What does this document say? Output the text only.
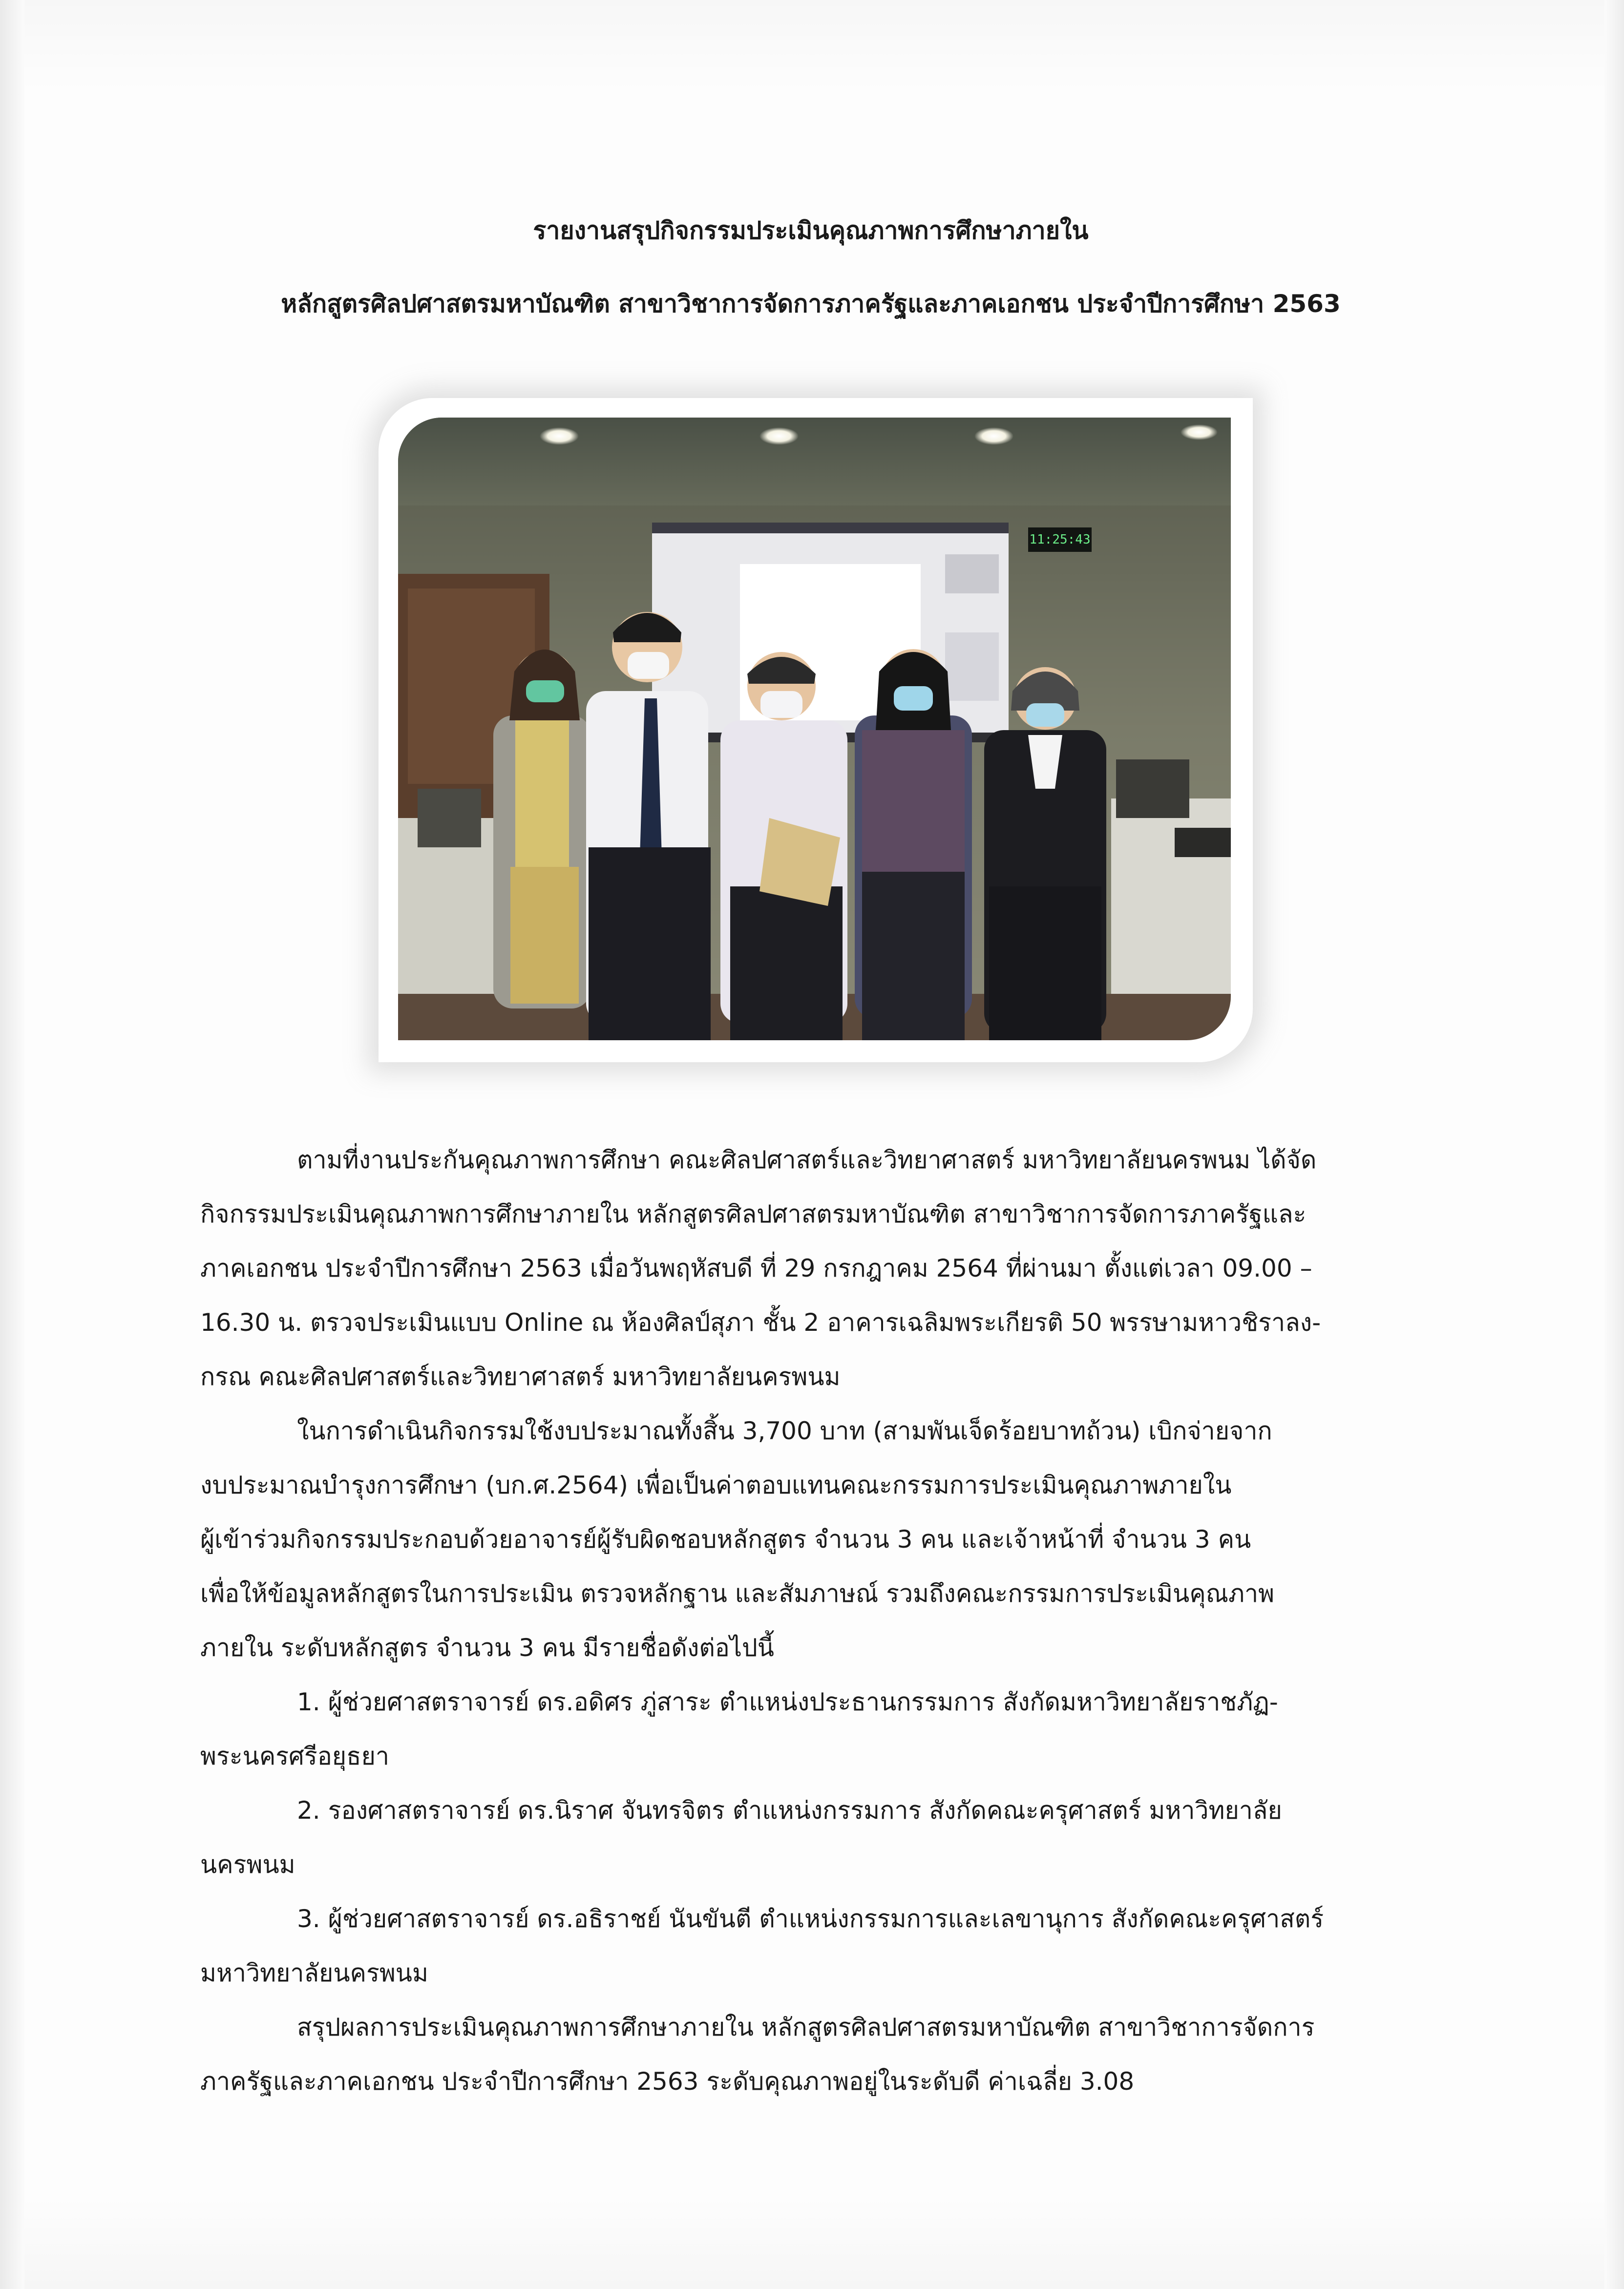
รายงานสรุปกิจกรรมประเมินคุณภาพการศึกษาภายใน
หลักสูตรศิลปศาสตรมหาบัณฑิต สาขาวิชาการจัดการภาครัฐและภาคเอกชน ประจำปีการศึกษา 2563
11:25:43
ตามที่งานประกันคุณภาพการศึกษา คณะศิลปศาสตร์และวิทยาศาสตร์ มหาวิทยาลัยนครพนม ได้จัด
กิจกรรมประเมินคุณภาพการศึกษาภายใน หลักสูตรศิลปศาสตรมหาบัณฑิต สาขาวิชาการจัดการภาครัฐและ
ภาคเอกชน ประจำปีการศึกษา 2563 เมื่อวันพฤหัสบดี ที่ 29 กรกฎาคม 2564 ที่ผ่านมา ตั้งแต่เวลา 09.00 –
16.30 น. ตรวจประเมินแบบ Online ณ ห้องศิลป์สุภา ชั้น 2 อาคารเฉลิมพระเกียรติ 50 พรรษามหาวชิราลง-
กรณ คณะศิลปศาสตร์และวิทยาศาสตร์ มหาวิทยาลัยนครพนม
ในการดำเนินกิจกรรมใช้งบประมาณทั้งสิ้น 3,700 บาท (สามพันเจ็ดร้อยบาทถ้วน) เบิกจ่ายจาก
งบประมาณบำรุงการศึกษา (บก.ศ.2564) เพื่อเป็นค่าตอบแทนคณะกรรมการประเมินคุณภาพภายใน
ผู้เข้าร่วมกิจกรรมประกอบด้วยอาจารย์ผู้รับผิดชอบหลักสูตร จำนวน 3 คน และเจ้าหน้าที่ จำนวน 3 คน
เพื่อให้ข้อมูลหลักสูตรในการประเมิน ตรวจหลักฐาน และสัมภาษณ์ รวมถึงคณะกรรมการประเมินคุณภาพ
ภายใน ระดับหลักสูตร จำนวน 3 คน มีรายชื่อดังต่อไปนี้
1. ผู้ช่วยศาสตราจารย์ ดร.อดิศร ภู่สาระ ตำแหน่งประธานกรรมการ สังกัดมหาวิทยาลัยราชภัฏ-
พระนครศรีอยุธยา
2. รองศาสตราจารย์ ดร.นิราศ จันทรจิตร ตำแหน่งกรรมการ สังกัดคณะครุศาสตร์ มหาวิทยาลัย
นครพนม
3. ผู้ช่วยศาสตราจารย์ ดร.อธิราชย์ นันขันตี ตำแหน่งกรรมการและเลขานุการ สังกัดคณะครุศาสตร์
มหาวิทยาลัยนครพนม
สรุปผลการประเมินคุณภาพการศึกษาภายใน หลักสูตรศิลปศาสตรมหาบัณฑิต สาขาวิชาการจัดการ
ภาครัฐและภาคเอกชน ประจำปีการศึกษา 2563 ระดับคุณภาพอยู่ในระดับดี ค่าเฉลี่ย 3.08
